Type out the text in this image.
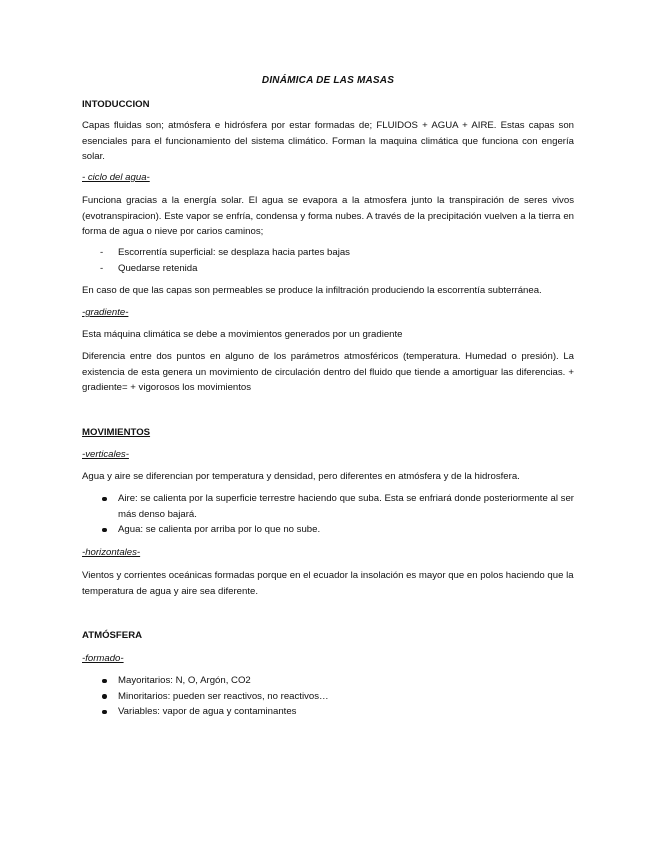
DINÁMICA DE LAS MASAS

INTODUCCION

Capas fluidas son; atmósfera e hidrósfera por estar formadas de; FLUIDOS + AGUA + AIRE. Estas capas son esenciales para el funcionamiento del sistema climático. Forman la maquina climática que funciona con engería solar.

- ciclo del agua-

Funciona gracias a la energía solar. El agua se evapora a la atmosfera junto la transpiración de seres vivos (evotranspiracion). Este vapor se enfría, condensa y forma nubes. A través de la precipitación vuelven a la tierra en forma de agua o nieve por carios caminos;

- Escorrentía superficial: se desplaza hacia partes bajas
- Quedarse retenida

En caso de que las capas son permeables se produce la infiltración produciendo la escorrentía subterránea.

-gradiente-

Esta máquina climática se debe a movimientos generados por un gradiente

Diferencia entre dos puntos en alguno de los parámetros atmosféricos (temperatura. Humedad o presión). La existencia de esta genera un movimiento de circulación dentro del fluido que tiende a amortiguar las diferencias. + gradiente= + vigorosos los movimientos

MOVIMIENTOS

-verticales-

Agua y aire se diferencian por temperatura y densidad, pero diferentes en atmósfera y de la hidrosfera.

Aire: se calienta por la superficie terrestre haciendo que suba. Esta se enfriará donde posteriormente al ser más denso bajará.
Agua: se calienta por arriba por lo que no sube.

-horizontales-

Vientos y corrientes oceánicas formadas porque en el ecuador la insolación es mayor que en polos haciendo que la temperatura de agua y aire sea diferente.

ATMÓSFERA

-formado-

Mayoritarios: N, O, Argón, CO2
Minoritarios: pueden ser reactivos, no reactivos…
Variables: vapor de agua y contaminantes
